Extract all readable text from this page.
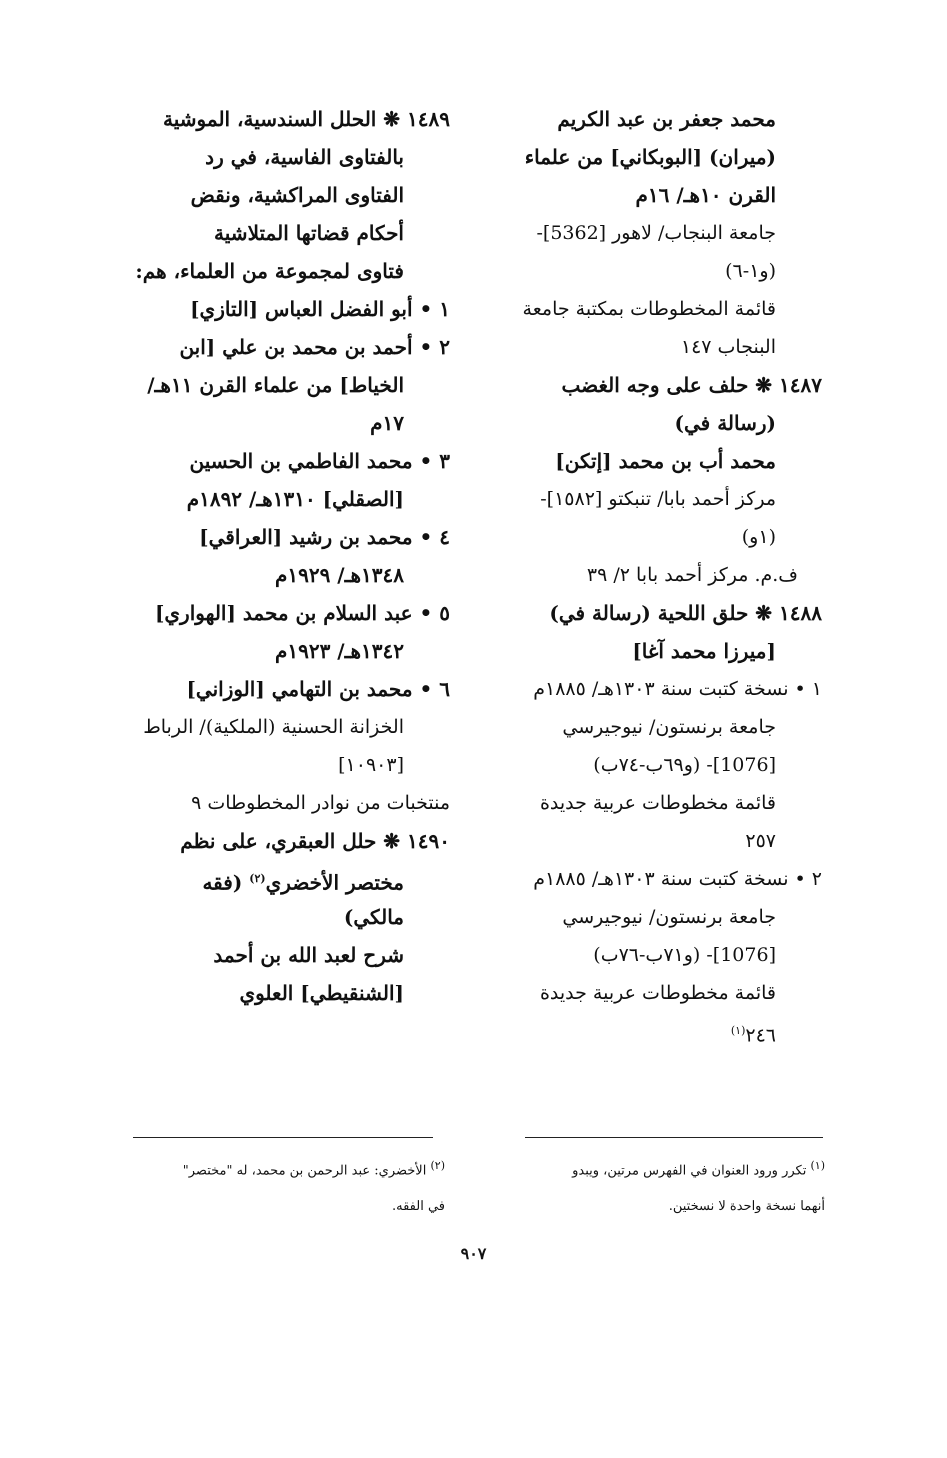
محمد جعفر بن عبد الكريم
(ميران) [البوبكاني] من علماء
القرن ١٠هـ/ ١٦م
جامعة البنجاب/ لاهور [5362]-
(و١-٦)
قائمة المخطوطات بمكتبة جامعة
البنجاب ١٤٧
١٤٨٧ ❋ حلف على وجه الغضب
(رسالة في)
محمد أب بن محمد [إتكن]
مركز أحمد بابا/ تنبكتو [١٥٨٢]-
(١و)
ف.م. مركز أحمد بابا ٢/ ٣٩
١٤٨٨ ❋ حلق اللحية (رسالة في)
[ميرزا محمد آغا]
١ • نسخة كتبت سنة ١٣٠٣هـ/ ١٨٨٥م
جامعة برنستون/ نيوجيرسي
[1076]- (و٦٩ب-٧٤ب)
قائمة مخطوطات عربية جديدة
٢٥٧
٢ • نسخة كتبت سنة ١٣٠٣هـ/ ١٨٨٥م
جامعة برنستون/ نيوجيرسي
[1076]- (و٧١ب-٧٦ب)
قائمة مخطوطات عربية جديدة
٢٤٦$^{(١)}$
١٤٨٩ ❋ الحلل السندسية، الموشية
بالفتاوى الفاسية، في رد
الفتاوى المراكشية، ونقض
أحكام قضاتها المتلاشية
فتاوى لمجموعة من العلماء، هم:
١ • أبو الفضل العباس [التازي]
٢ • أحمد بن محمد بن علي [ابن
الخياط] من علماء القرن ١١هـ/
١٧م
٣ • محمد الفاطمي بن الحسين
[الصقلي] ١٣١٠هـ/ ١٨٩٢م
٤ • محمد بن رشيد [العراقي]
١٣٤٨هـ/ ١٩٢٩م
٥ • عبد السلام بن محمد [الهواري]
١٣٤٢هـ/ ١٩٢٣م
٦ • محمد بن التهامي [الوزاني]
الخزانة الحسنية (الملكية)/ الرباط
[١٠٩٠٣]
منتخبات من نوادر المخطوطات ٩
١٤٩٠ ❋ حلل العبقري، على نظم
مختصر الأخضري$^{(٢)}$ (فقه
مالكي)
شرح لعبد الله بن أحمد
[الشنقيطي] العلوي
$^{(١)}$ تكرر ورود العنوان في الفهرس مرتين، ويبدو
أنهما نسخة واحدة لا نسختين.
$^{(٢)}$ الأخضري: عبد الرحمن بن محمد، له "مختصر"
في الفقه.
٩٠٧
